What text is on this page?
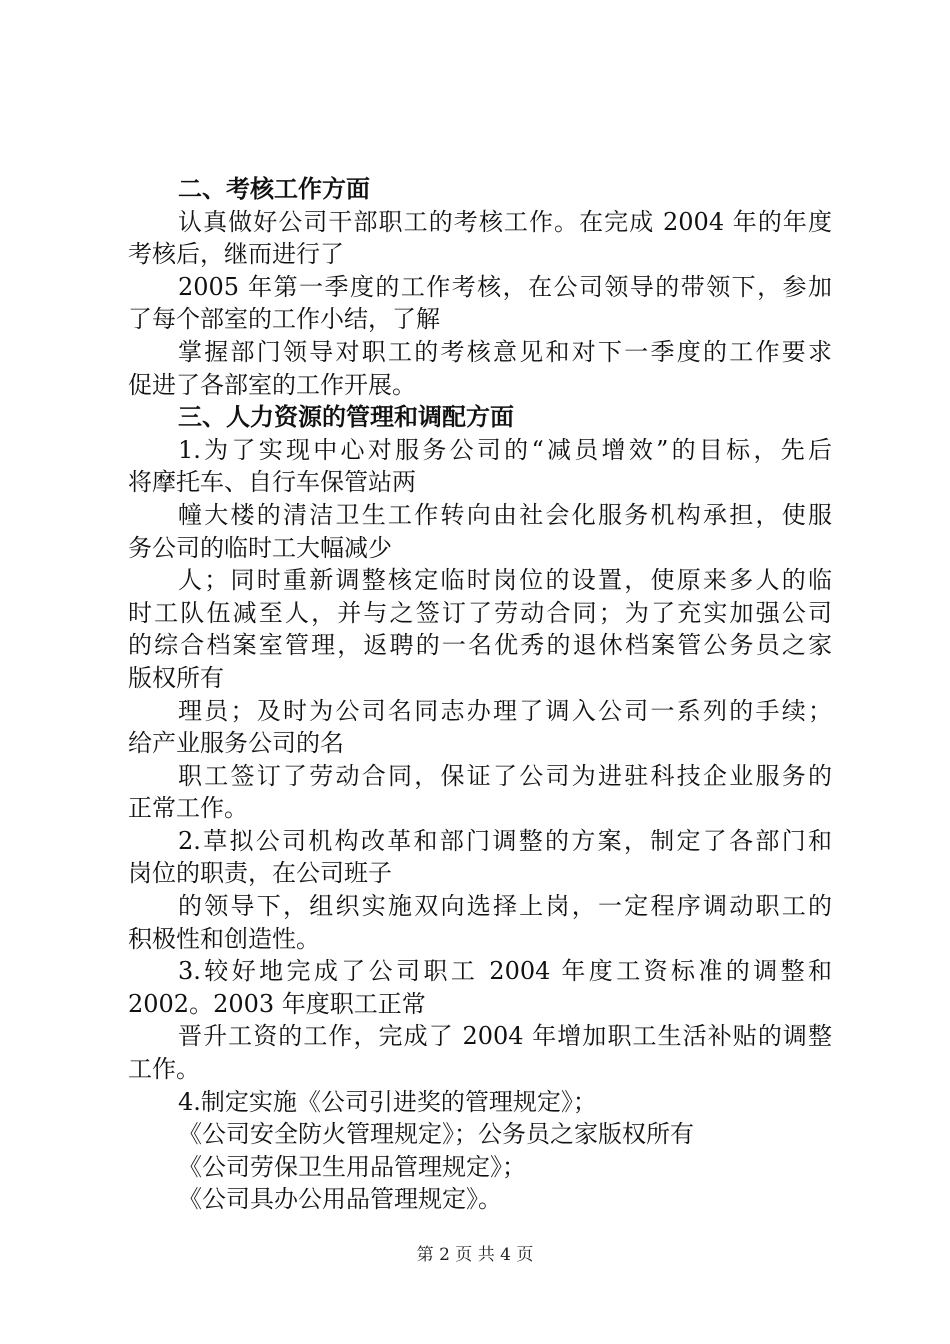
二、考核工作方面
认真做好公司干部职工的考核工作。在完成 2004 年的年度
考核后，继而进行了
2005 年第一季度的工作考核，在公司领导的带领下，参加
了每个部室的工作小结，了解
掌握部门领导对职工的考核意见和对下一季度的工作要求
促进了各部室的工作开展。
三、人力资源的管理和调配方面
1.为了实现中心对服务公司的“减员增效”的目标，先后
将摩托车、自行车保管站两
幢大楼的清洁卫生工作转向由社会化服务机构承担，使服
务公司的临时工大幅减少
人；同时重新调整核定临时岗位的设置，使原来多人的临
时工队伍减至人，并与之签订了劳动合同；为了充实加强公司
的综合档案室管理，返聘的一名优秀的退休档案管公务员之家
版权所有
理员；及时为公司名同志办理了调入公司一系列的手续；
给产业服务公司的名
职工签订了劳动合同，保证了公司为进驻科技企业服务的
正常工作。
2.草拟公司机构改革和部门调整的方案，制定了各部门和
岗位的职责，在公司班子
的领导下，组织实施双向选择上岗，一定程序调动职工的
积极性和创造性。
3.较好地完成了公司职工 2004 年度工资标准的调整和
2002。2003 年度职工正常
晋升工资的工作，完成了 2004 年增加职工生活补贴的调整
工作。
4.制定实施《公司引进奖的管理规定》；
《公司安全防火管理规定》；公务员之家版权所有
《公司劳保卫生用品管理规定》；
《公司具办公用品管理规定》。
第 2 页 共 4 页
